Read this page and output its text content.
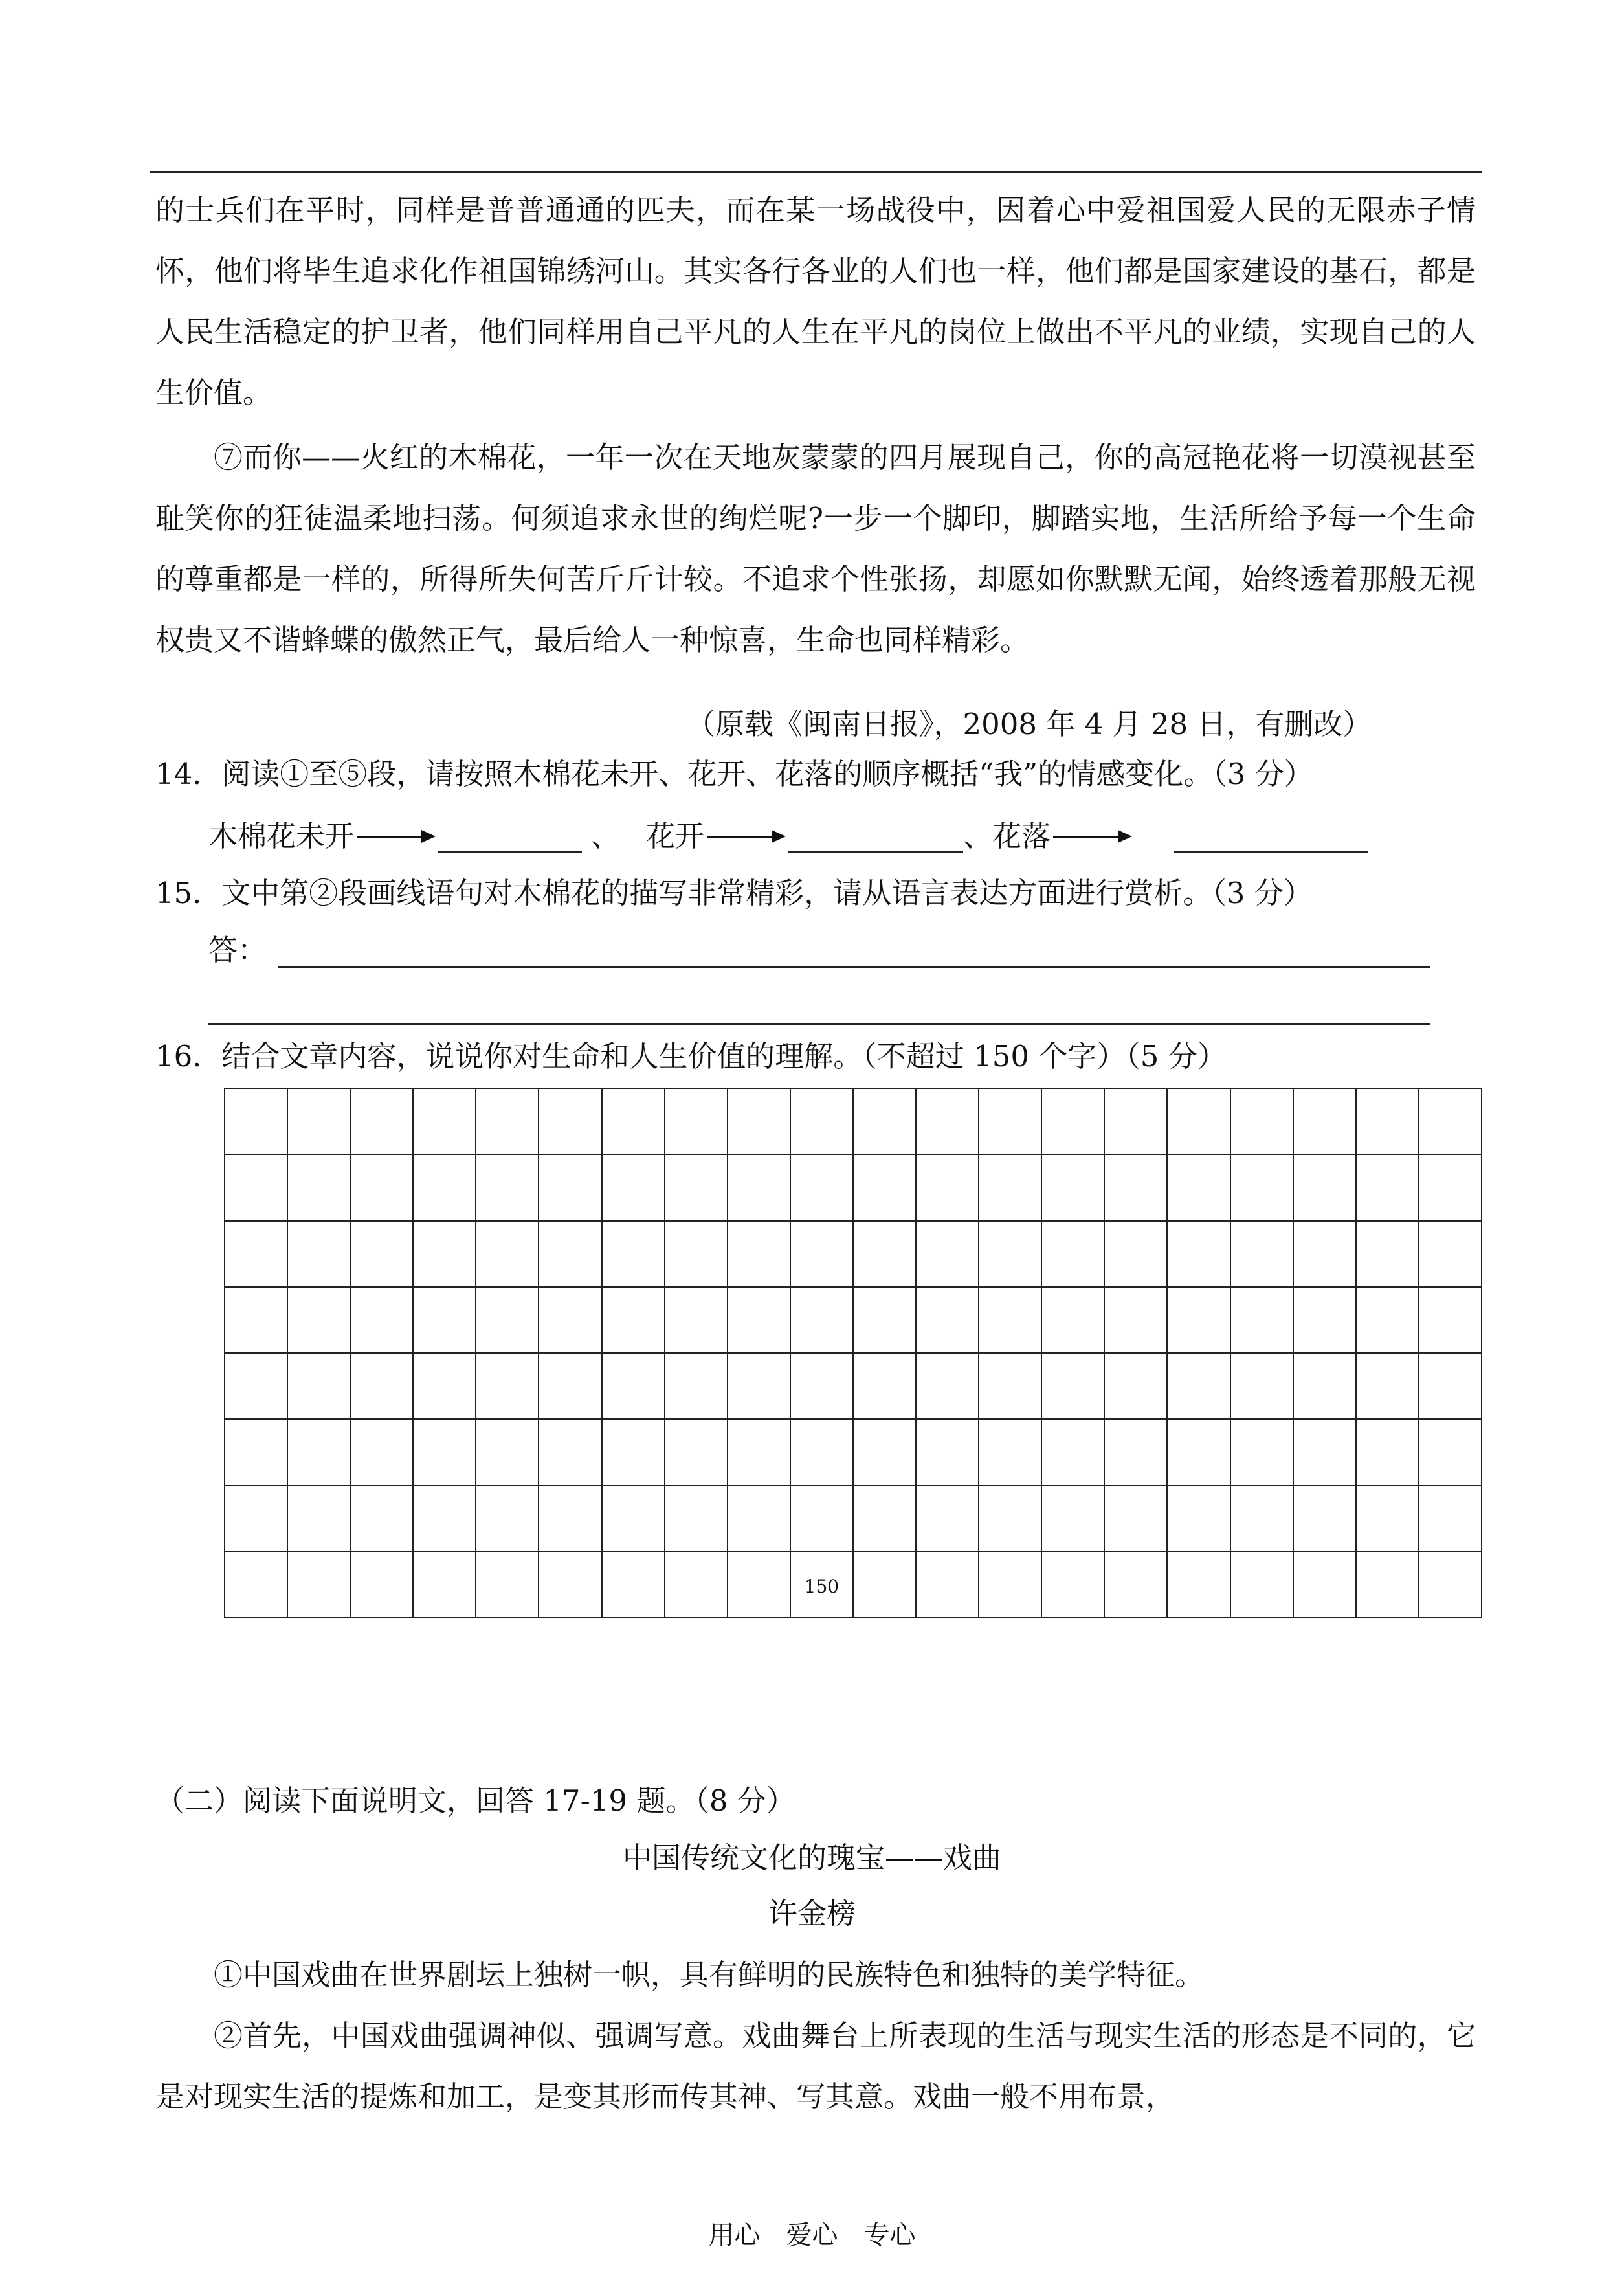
的士兵们在平时，同样是普普通通的匹夫，而在某一场战役中，因着心中爱祖国爱人民的无限赤子情怀，他们将毕生追求化作祖国锦绣河山。其实各行各业的人们也一样，他们都是国家建设的基石，都是人民生活稳定的护卫者，他们同样用自己平凡的人生在平凡的岗位上做出不平凡的业绩，实现自己的人生价值。

⑦而你——火红的木棉花，一年一次在天地灰蒙蒙的四月展现自己，你的高冠艳花将一切漠视甚至耻笑你的狂徒温柔地扫荡。何须追求永世的绚烂呢?一步一个脚印，脚踏实地，生活所给予每一个生命的尊重都是一样的，所得所失何苦斤斤计较。不追求个性张扬，却愿如你默默无闻，始终透着那般无视权贵又不谐蜂蝶的傲然正气，最后给人一种惊喜，生命也同样精彩。

（原载《闽南日报》，2008 年 4 月 28 日，有删改）
14．阅读①至⑤段，请按照木棉花未开、花开、花落的顺序概括“我”的情感变化。（3 分）
木棉花未开	、 花开	、花落
15．文中第②段画线语句对木棉花的描写非常精彩，请从语言表达方面进行赏析。（3 分）
答：
16．结合文章内容，说说你对生命和人生价值的理解。（不超过 150 个字）（5 分）

									150										

（二）阅读下面说明文，回答 17-19 题。（8 分）
中国传统文化的瑰宝——戏曲
许金榜

①中国戏曲在世界剧坛上独树一帜，具有鲜明的民族特色和独特的美学特征。

②首先，中国戏曲强调神似、强调写意。戏曲舞台上所表现的生活与现实生活的形态是不同的，它是对现实生活的提炼和加工，是变其形而传其神、写其意。戏曲一般不用布景，

用心　爱心　专心
